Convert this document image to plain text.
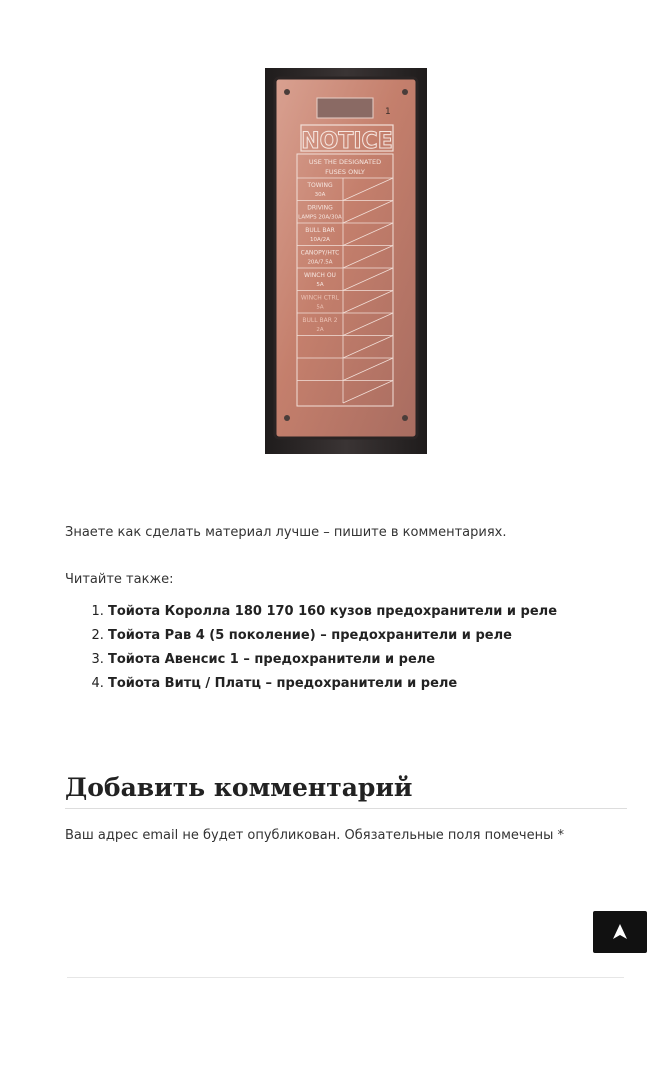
1
NOTICE
USE THE DESIGNATED
FUSES ONLY
TOWING
30A
DRIVING
LAMPS 20A/30A
BULL BAR
10A/2A
CANOPY/HTC
20A/7.5A
WINCH OU
5A
WINCH CTRL
5A
BULL BAR 2
2A

Знаете как сделать материал лучше – пишите в комментариях.

Читайте также:
1. Тойота Королла 180 170 160 кузов предохранители и реле
2. Тойота Рав 4 (5 поколение) – предохранители и реле
3. Тойота Авенсис 1 – предохранители и реле
4. Тойота Витц / Платц – предохранители и реле
Добавить комментарий
Ваш адрес email не будет опубликован. Обязательные поля помечены *
